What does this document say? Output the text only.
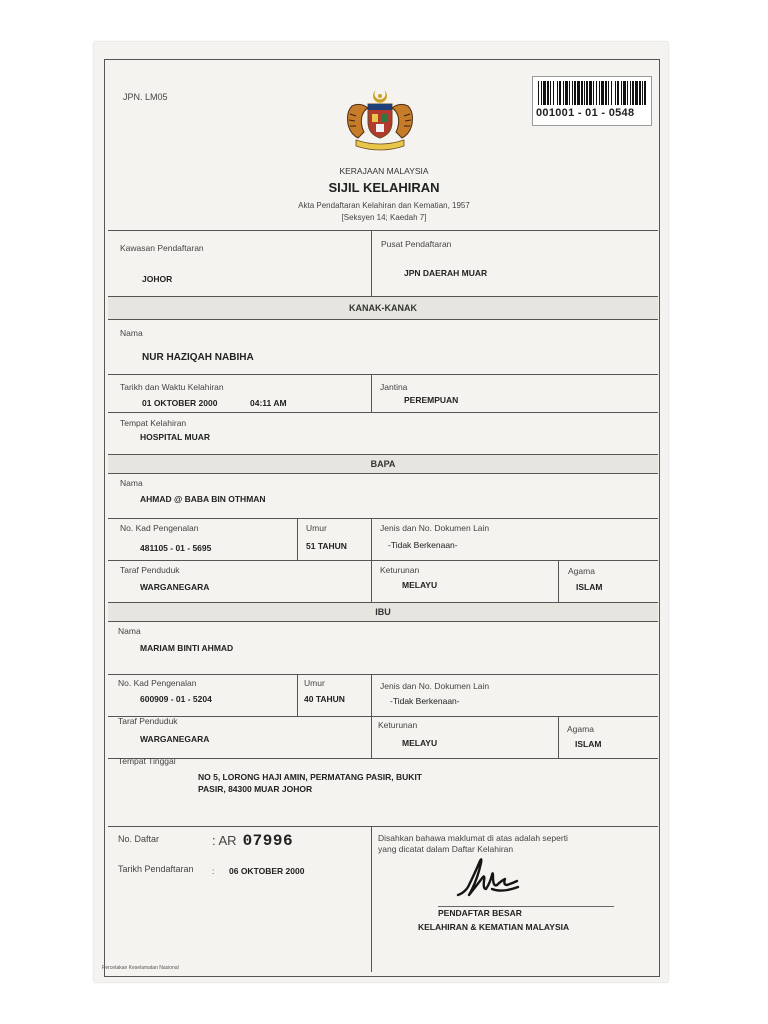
JPN. LM05
001001 - 01 - 0548
KERAJAAN MALAYSIA
SIJIL KELAHIRAN
Akta Pendaftaran Kelahiran dan Kematian, 1957
[Seksyen 14; Kaedah 7]
Kawasan Pendaftaran
JOHOR
Pusat Pendaftaran
JPN DAERAH MUAR
KANAK-KANAK
Nama
NUR HAZIQAH NABIHA
Tarikh dan Waktu Kelahiran
01 OKTOBER 2000	04:11 AM
Jantina
PEREMPUAN
Tempat Kelahiran
HOSPITAL MUAR
BAPA
Nama
AHMAD @ BABA BIN OTHMAN
No. Kad Pengenalan
481105 - 01 - 5695
Umur
51 TAHUN
Jenis dan No. Dokumen Lain
-Tidak Berkenaan-
Taraf Penduduk
WARGANEGARA
Keturunan
MELAYU
Agama
ISLAM
IBU
Nama
MARIAM BINTI AHMAD
No. Kad Pengenalan
600909 - 01 - 5204
Umur
40 TAHUN
Jenis dan No. Dokumen Lain
-Tidak Berkenaan-
Taraf Penduduk
WARGANEGARA
Keturunan
MELAYU
Agama
ISLAM
Tempat Tinggal
NO 5, LORONG HAJI AMIN, PERMATANG PASIR, BUKIT
PASIR, 84300 MUAR JOHOR
No. Daftar	: AR 07996
Tarikh Pendaftaran : 06 OKTOBER 2000
Disahkan bahawa maklumat di atas adalah seperti
yang dicatat dalam Daftar Kelahiran
PENDAFTAR BESAR
KELAHIRAN & KEMATIAN MALAYSIA
Percetakan Keselamatan Nasional
